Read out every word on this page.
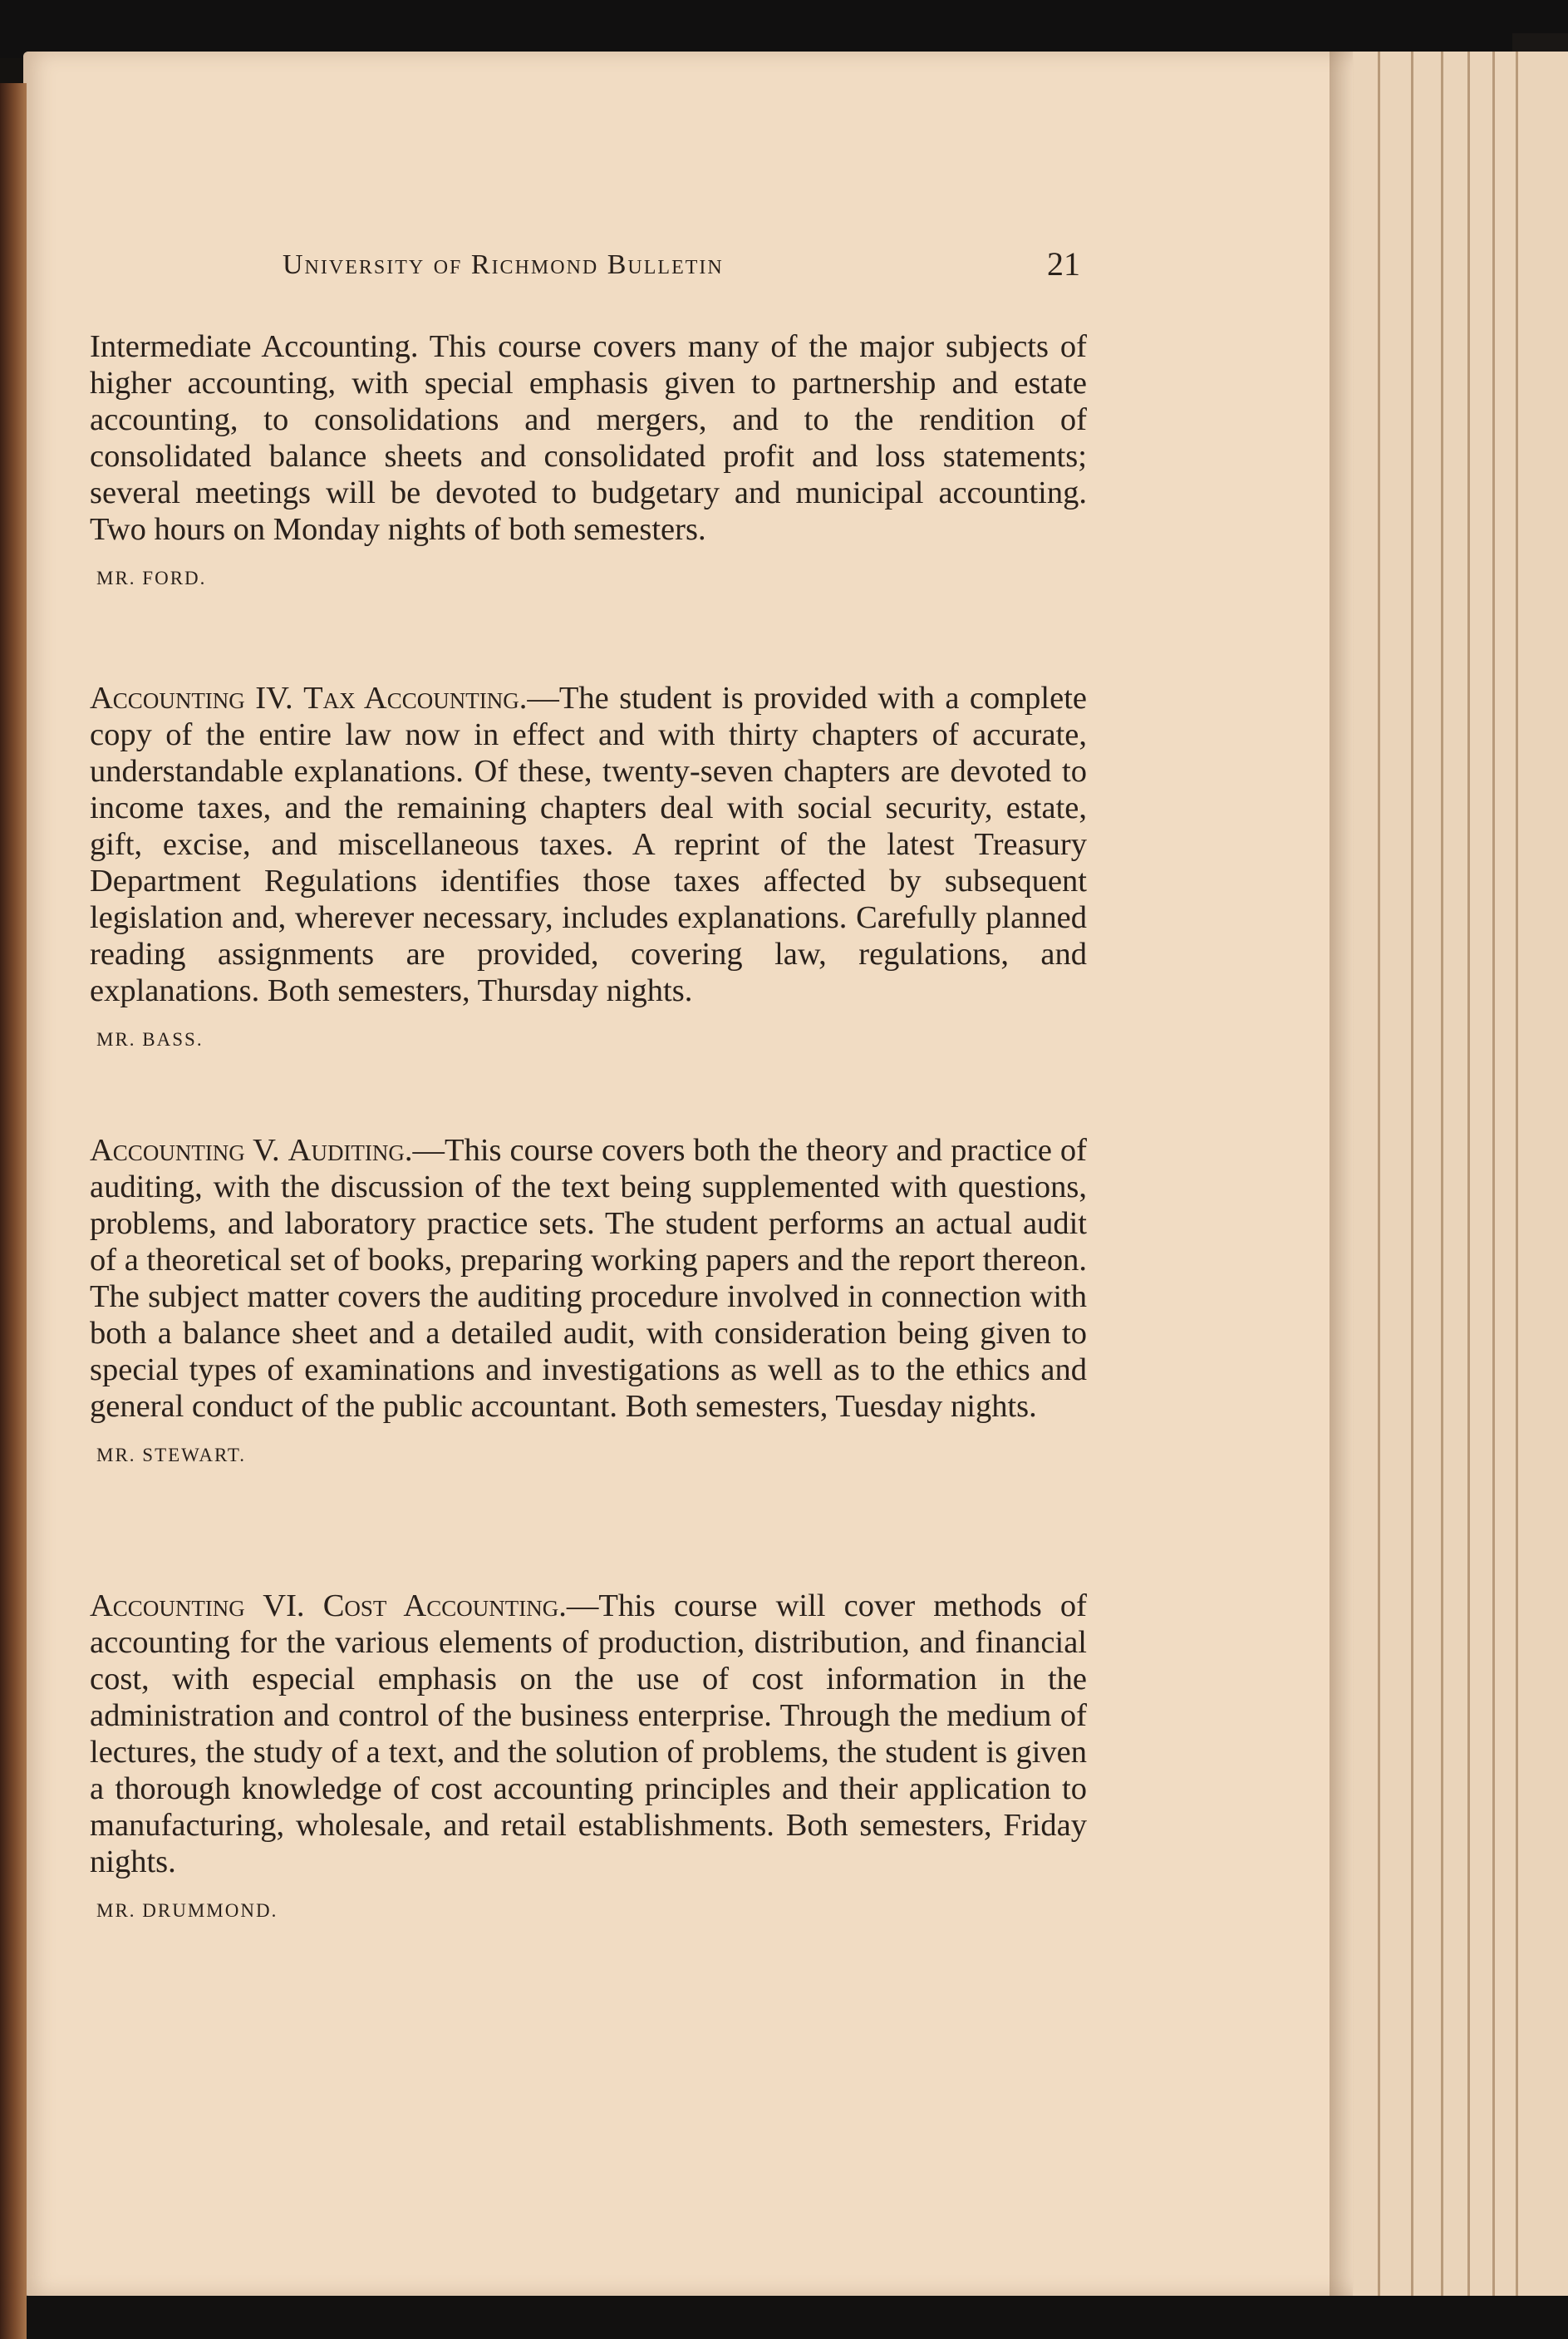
University of Richmond Bulletin	21

Intermediate Accounting. This course covers many of the major subjects of higher accounting, with special emphasis given to partnership and estate accounting, to consolidations and mergers, and to the rendition of consolidated balance sheets and consolidated profit and loss statements; several meetings will be devoted to budgetary and municipal accounting. Two hours on Monday nights of both semesters.

MR. FORD.

Accounting IV. Tax Accounting.—The student is provided with a complete copy of the entire law now in effect and with thirty chapters of accurate, understandable explanations. Of these, twenty-seven chapters are devoted to income taxes, and the remaining chapters deal with social security, estate, gift, excise, and miscellaneous taxes. A reprint of the latest Treasury Department Regulations identifies those taxes affected by subsequent legislation and, wherever necessary, includes explanations. Carefully planned reading assignments are provided, covering law, regulations, and explanations. Both semesters, Thursday nights.

MR. BASS.

Accounting V. Auditing.—This course covers both the theory and practice of auditing, with the discussion of the text being supplemented with questions, problems, and laboratory practice sets. The student performs an actual audit of a theoretical set of books, preparing working papers and the report thereon. The subject matter covers the auditing procedure involved in connection with both a balance sheet and a detailed audit, with consideration being given to special types of examinations and investigations as well as to the ethics and general conduct of the public accountant. Both semesters, Tuesday nights.

MR. STEWART.

Accounting VI. Cost Accounting.—This course will cover methods of accounting for the various elements of production, distribution, and financial cost, with especial emphasis on the use of cost information in the administration and control of the business enterprise. Through the medium of lectures, the study of a text, and the solution of problems, the student is given a thorough knowledge of cost accounting principles and their application to manufacturing, wholesale, and retail establishments. Both semesters, Friday nights.

MR. DRUMMOND.
